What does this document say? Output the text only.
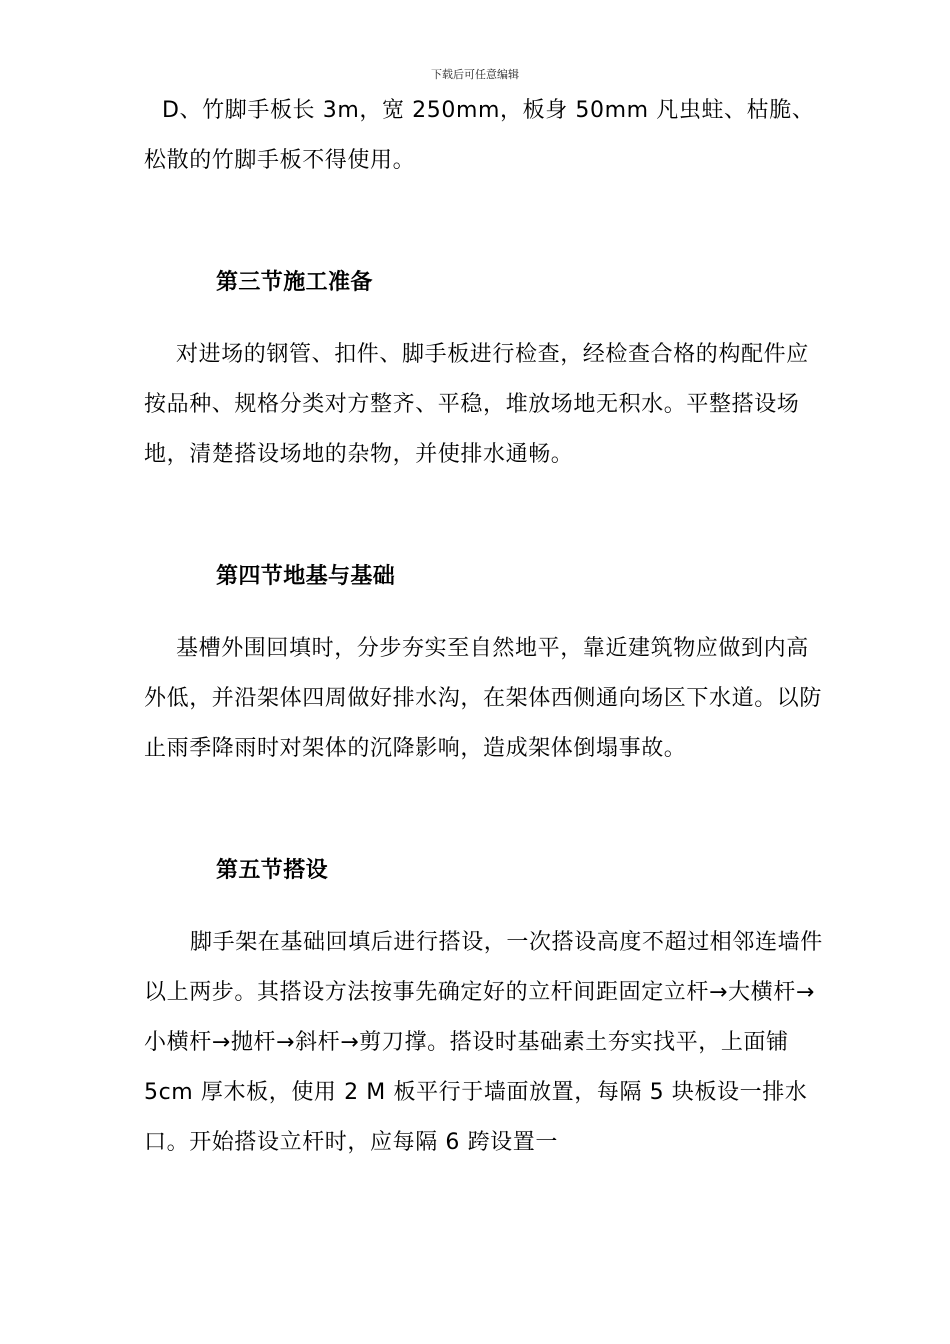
下载后可任意编辑

D、竹脚手板长 3m，宽 250mm，板身 50mm 凡虫蛀、枯脆、松散的竹脚手板不得使用。

第三节施工准备

对进场的钢管、扣件、脚手板进行检查，经检查合格的构配件应按品种、规格分类对方整齐、平稳，堆放场地无积水。平整搭设场地，清楚搭设场地的杂物，并使排水通畅。

第四节地基与基础

基槽外围回填时，分步夯实至自然地平，靠近建筑物应做到内高外低，并沿架体四周做好排水沟，在架体西侧通向场区下水道。以防止雨季降雨时对架体的沉降影响，造成架体倒塌事故。

第五节搭设

脚手架在基础回填后进行搭设，一次搭设高度不超过相邻连墙件以上两步。其搭设方法按事先确定好的立杆间距固定立杆→大横杆→小横杆→抛杆→斜杆→剪刀撑。搭设时基础素土夯实找平，上面铺 5cm 厚木板，使用 2 M 板平行于墙面放置，每隔 5 块板设一排水口。开始搭设立杆时，应每隔 6 跨设置一
